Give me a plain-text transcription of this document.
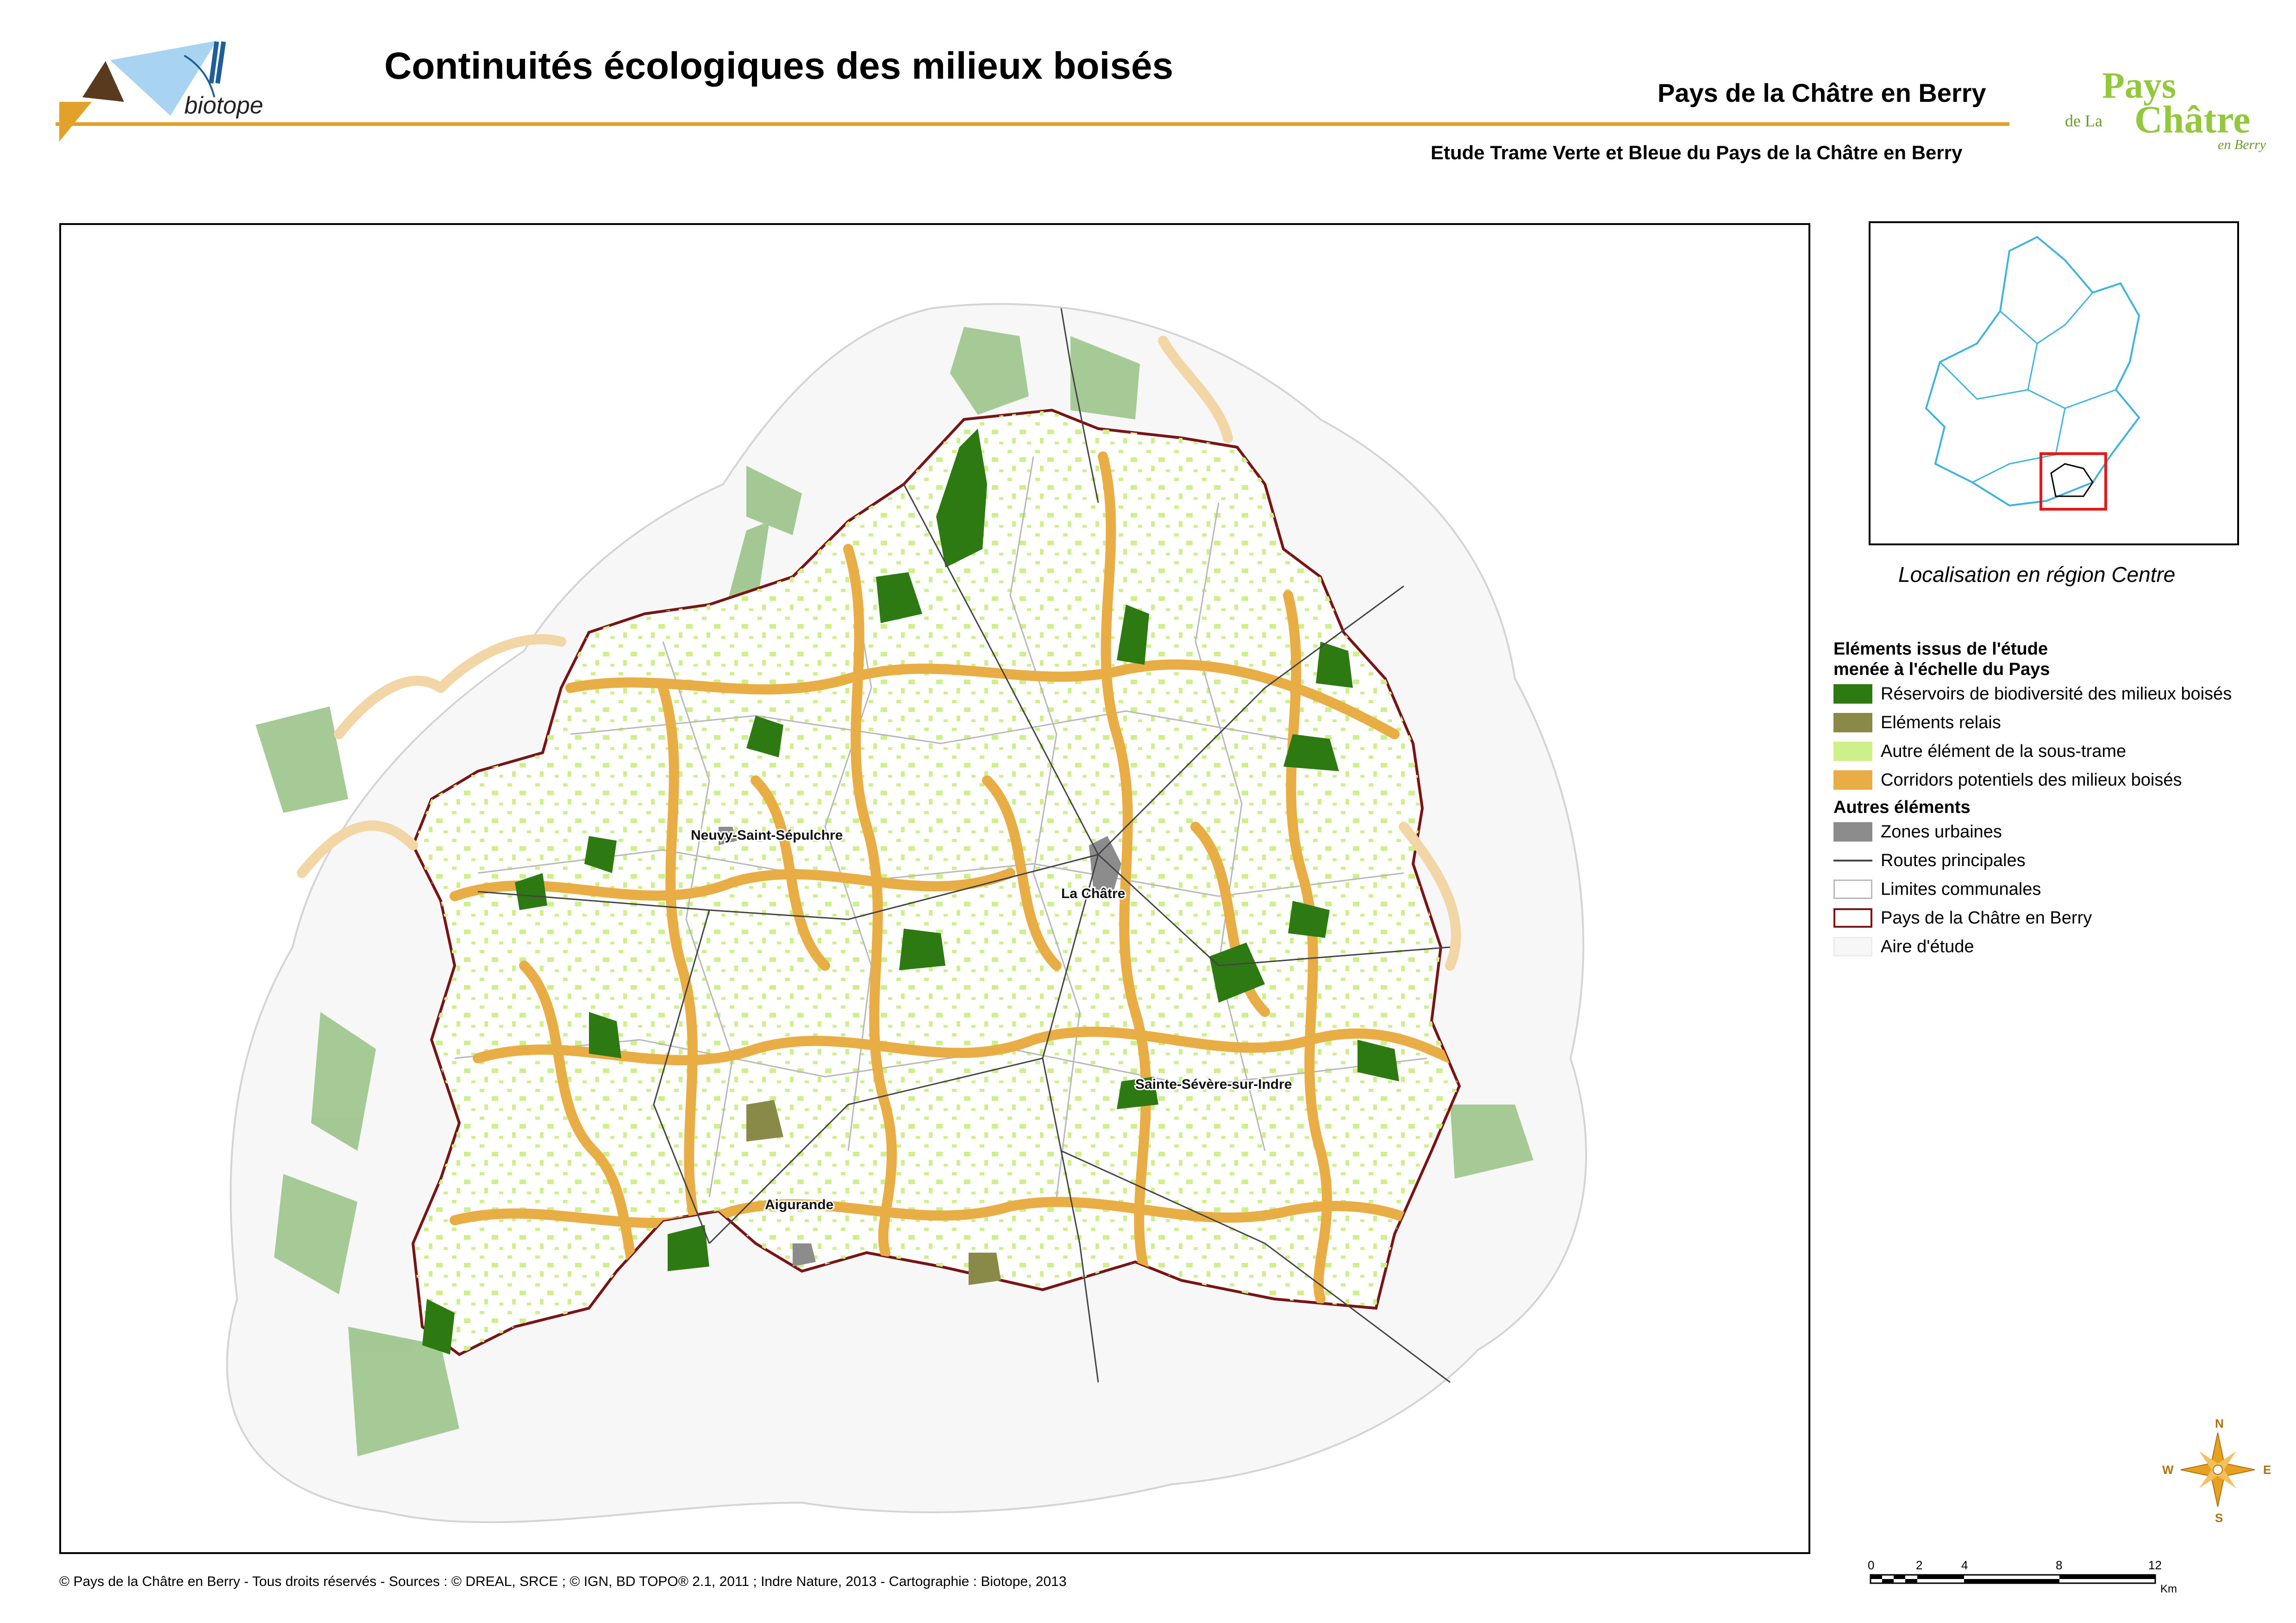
biotope
Continuités écologiques des milieux boisés
Pays de la Châtre en Berry
Etude Trame Verte et Bleue du Pays de la Châtre en Berry
Pays
de La Châtre
en Berry
Neuvy-Saint-Sépulchre
La Châtre
Sainte-Sévère-sur-Indre
Aigurande
Localisation en région Centre
Eléments issus de l'étude menée à l'échelle du Pays
Réservoirs de biodiversité des milieux boisés
Eléments relais
Autre élément de la sous-trame
Corridors potentiels des milieux boisés
Autres éléments
Zones urbaines
Routes principales
Limites communales
Pays de la Châtre en Berry
Aire d'étude
N
S
W	E
0	2	4	8	12
Km
© Pays de la Châtre en Berry - Tous droits réservés - Sources : © DREAL, SRCE ; © IGN, BD TOPO® 2.1, 2011 ; Indre Nature, 2013 - Cartographie : Biotope, 2013
